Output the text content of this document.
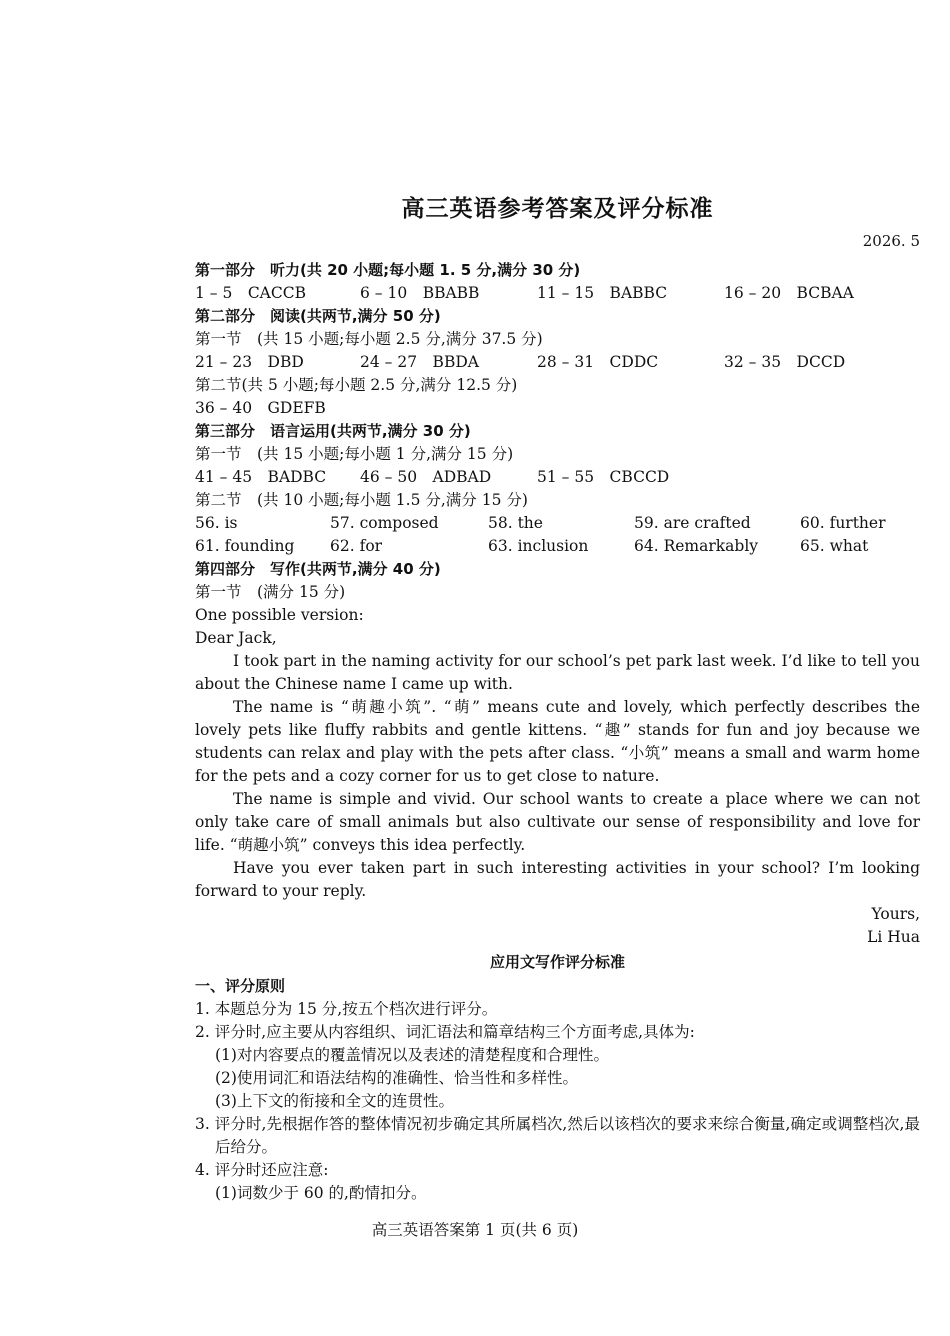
高三英语参考答案及评分标准
2026. 5
第一部分　听力(共 20 小题;每小题 1. 5 分,满分 30 分)
1 – 5　CACCB	6 – 10　BBABB	11 – 15　BABBC	16 – 20　BCBAA
第二部分　阅读(共两节,满分 50 分)
第一节　(共 15 小题;每小题 2.5 分,满分 37.5 分)
21 – 23　DBD	24 – 27　BBDA	28 – 31　CDDC	32 – 35　DCCD
第二节(共 5 小题;每小题 2.5 分,满分 12.5 分)
36 – 40　GDEFB
第三部分　语言运用(共两节,满分 30 分)
第一节　(共 15 小题;每小题 1 分,满分 15 分)
41 – 45　BADBC	46 – 50　ADBAD	51 – 55　CBCCD
第二节　(共 10 小题;每小题 1.5 分,满分 15 分)
56. is	57. composed	58. the	59. are crafted	60. further
61. founding	62. for	63. inclusion	64. Remarkably	65. what
第四部分　写作(共两节,满分 40 分)
第一节　(满分 15 分)
One possible version:
Dear Jack,
I took part in the naming activity for our school’s pet park last week. I’d like to tell you about the Chinese name I came up with.
The name is “萌趣小筑”. “萌” means cute and lovely, which perfectly describes the lovely pets like fluffy rabbits and gentle kittens. “趣” stands for fun and joy because we students can relax and play with the pets after class. “小筑” means a small and warm home for the pets and a cozy corner for us to get close to nature.
The name is simple and vivid. Our school wants to create a place where we can not only take care of small animals but also cultivate our sense of responsibility and love for life. “萌趣小筑” conveys this idea perfectly.
Have you ever taken part in such interesting activities in your school? I’m looking forward to your reply.
Yours,
Li Hua
应用文写作评分标准
一、评分原则
1. 本题总分为 15 分,按五个档次进行评分。
2. 评分时,应主要从内容组织、词汇语法和篇章结构三个方面考虑,具体为:
(1)对内容要点的覆盖情况以及表述的清楚程度和合理性。
(2)使用词汇和语法结构的准确性、恰当性和多样性。
(3)上下文的衔接和全文的连贯性。
3. 评分时,先根据作答的整体情况初步确定其所属档次,然后以该档次的要求来综合衡量,确定或调整档次,最后给分。
4. 评分时还应注意:
(1)词数少于 60 的,酌情扣分。
高三英语答案第 1 页(共 6 页)
